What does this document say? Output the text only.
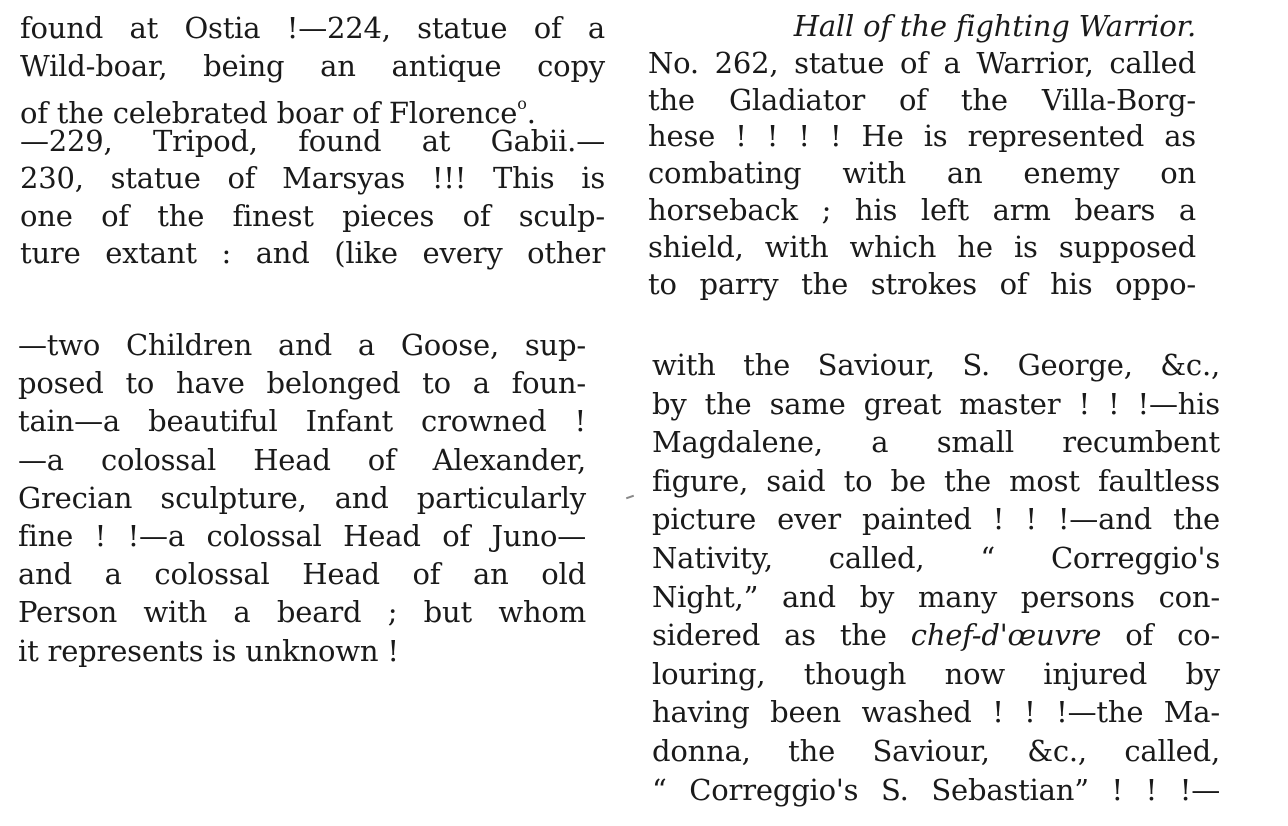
found at Ostia !—224, statue of a
Wild-boar, being an antique copy
of the celebrated boar of Florence$^o$.
—229, Tripod, found at Gabii.—
230, statue of Marsyas !!! This is
one of the finest pieces of sculp-
ture extant : and (like every other
Hall of the fighting Warrior.
No. 262, statue of a Warrior, called
the Gladiator of the Villa-Borg-
hese ! ! ! ! He is represented as
combating with an enemy on
horseback ; his left arm bears a
shield, with which he is supposed
to parry the strokes of his oppo-
—two Children and a Goose, sup-
posed to have belonged to a foun-
tain—a beautiful Infant crowned !
—a colossal Head of Alexander,
Grecian sculpture, and particularly
fine ! !—a colossal Head of Juno—
and a colossal Head of an old
Person with a beard ; but whom
it represents is unknown !
with the Saviour, S. George, &c.,
by the same great master ! ! !—his
Magdalene, a small recumbent
figure, said to be the most faultless
picture ever painted ! ! !—and the
Nativity, called, “ Correggio's
Night,” and by many persons con-
sidered as the chef-d'œuvre of co-
louring, though now injured by
having been washed ! ! !—the Ma-
donna, the Saviour, &c., called,
“ Correggio's S. Sebastian” ! ! !—
